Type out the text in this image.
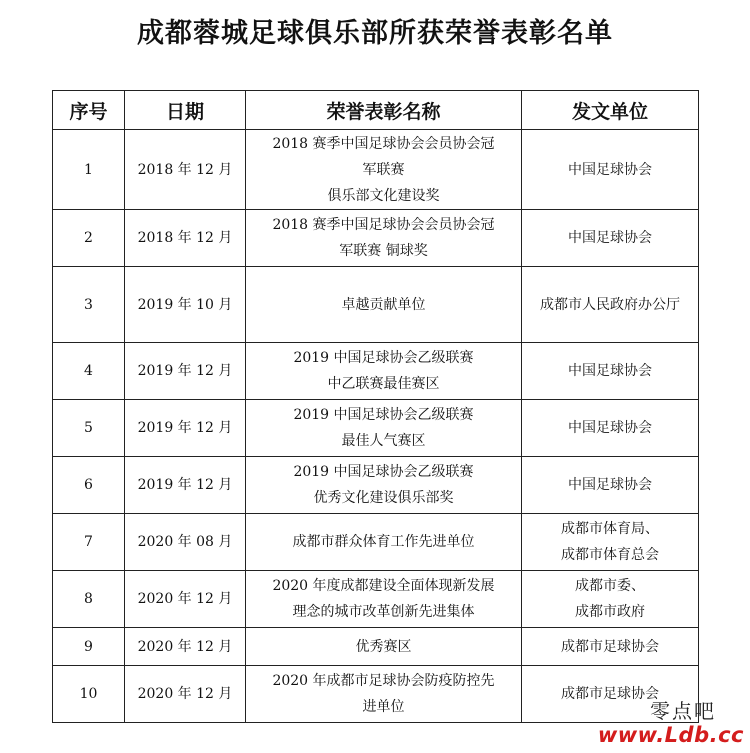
成都蓉城足球俱乐部所获荣誉表彰名单
序号	日期	荣誉表彰名称	发文单位
1	2018 年 12 月	2018 赛季中国足球协会会员协会冠
军联赛
俱乐部文化建设奖	中国足球协会

2	2018 年 12 月	2018 赛季中国足球协会会员协会冠
军联赛 铜球奖	中国足球协会

3	2019 年 10 月	卓越贡献单位	成都市人民政府办公厅

4	2019 年 12 月	2019 中国足球协会乙级联赛
中乙联赛最佳赛区	中国足球协会

5	2019 年 12 月	2019 中国足球协会乙级联赛
最佳人气赛区	中国足球协会

6	2019 年 12 月	2019 中国足球协会乙级联赛
优秀文化建设俱乐部奖	中国足球协会

7	2020 年 08 月	成都市群众体育工作先进单位	成都市体育局、
成都市体育总会

8	2020 年 12 月	2020 年度成都建设全面体现新发展
理念的城市改革创新先进集体	成都市委、
成都市政府

9	2020 年 12 月	优秀赛区	成都市足球协会

10	2020 年 12 月	2020 年成都市足球协会防疫防控先
进单位	成都市足球协会
零点吧
www.Ldb.cc
